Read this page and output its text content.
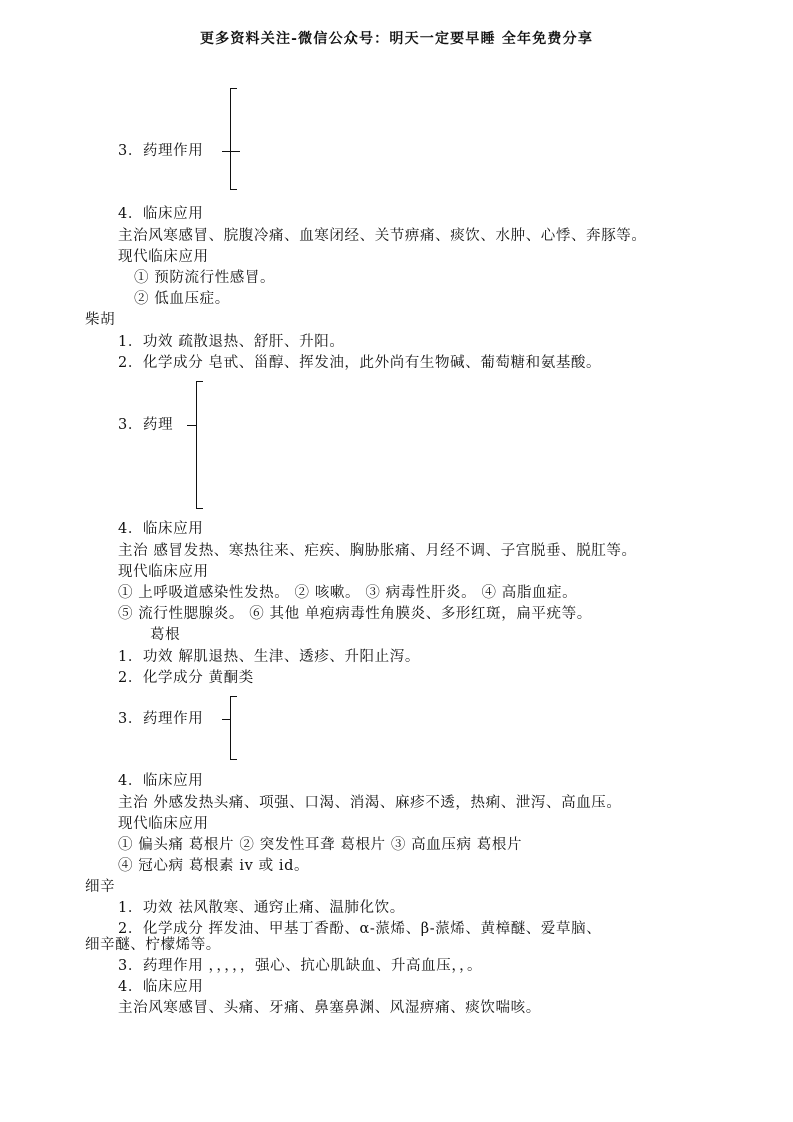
更多资料关注-微信公众号：明天一定要早睡 全年免费分享
3．药理作用
4．临床应用
主治风寒感冒、脘腹冷痛、血寒闭经、关节痹痛、痰饮、水肿、心悸、奔豚等。
现代临床应用
① 预防流行性感冒。
② 低血压症。
柴胡
1．功效 疏散退热、舒肝、升阳。
2．化学成分 皂甙、甾醇、挥发油，此外尚有生物碱、葡萄糖和氨基酸。
3．药理
4．临床应用
主治 感冒发热、寒热往来、疟疾、胸胁胀痛、月经不调、子宫脱垂、脱肛等。
现代临床应用
① 上呼吸道感染性发热。 ② 咳嗽。 ③ 病毒性肝炎。 ④ 高脂血症。
⑤ 流行性腮腺炎。 ⑥ 其他 单疱病毒性角膜炎、多形红斑，扁平疣等。
葛根
1．功效 解肌退热、生津、透疹、升阳止泻。
2．化学成分 黄酮类
3．药理作用
4．临床应用
主治 外感发热头痛、项强、口渴、消渴、麻疹不透，热痢、泄泻、高血压。
现代临床应用
① 偏头痛 葛根片 ② 突发性耳聋 葛根片 ③ 高血压病 葛根片
④ 冠心病 葛根素 iv 或 id。
细辛
1．功效 祛风散寒、通窍止痛、温肺化饮。
2．化学成分 挥发油、甲基丁香酚、α-蒎烯、β-蒎烯、黄樟醚、爱草脑、
细辛醚、柠檬烯等。
3．药理作用 ，，，，，强心、抗心肌缺血、升高血压，，。
4．临床应用
主治风寒感冒、头痛、牙痛、鼻塞鼻渊、风湿痹痛、痰饮喘咳。
